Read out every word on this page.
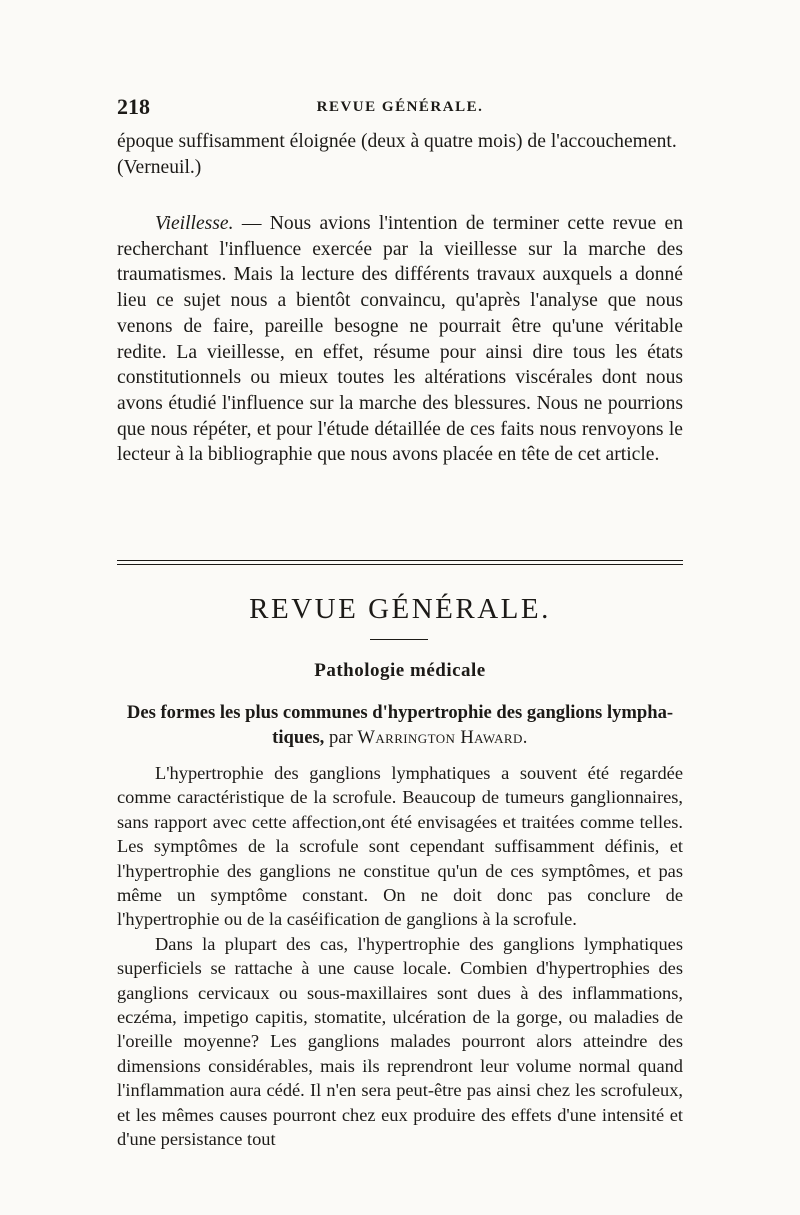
218	REVUE GÉNÉRALE.

époque suffisamment éloignée (deux à quatre mois) de l'accouchement. (Verneuil.)

Vieillesse. — Nous avions l'intention de terminer cette revue en recherchant l'influence exercée par la vieillesse sur la marche des traumatismes. Mais la lecture des différents travaux auxquels a donné lieu ce sujet nous a bientôt convaincu, qu'après l'analyse que nous venons de faire, pareille besogne ne pourrait être qu'une véritable redite. La vieillesse, en effet, résume pour ainsi dire tous les états constitutionnels ou mieux toutes les altérations viscérales dont nous avons étudié l'influence sur la marche des blessures. Nous ne pourrions que nous répéter, et pour l'étude détaillée de ces faits nous renvoyons le lecteur à la bibliographie que nous avons placée en tête de cet article.

REVUE GÉNÉRALE.
Pathologie médicale
Des formes les plus communes d'hypertrophie des ganglions lympha-
tiques, par Warrington Haward.

L'hypertrophie des ganglions lymphatiques a souvent été regardée comme caractéristique de la scrofule. Beaucoup de tumeurs ganglionnaires, sans rapport avec cette affection,ont été envisagées et traitées comme telles. Les symptômes de la scrofule sont cependant suffisamment définis, et l'hypertrophie des ganglions ne constitue qu'un de ces symptômes, et pas même un symptôme constant. On ne doit donc pas conclure de l'hypertrophie ou de la caséification de ganglions à la scrofule.

Dans la plupart des cas, l'hypertrophie des ganglions lymphatiques superficiels se rattache à une cause locale. Combien d'hypertrophies des ganglions cervicaux ou sous-maxillaires sont dues à des inflammations, eczéma, impetigo capitis, stomatite, ulcération de la gorge, ou maladies de l'oreille moyenne? Les ganglions malades pourront alors atteindre des dimensions considérables, mais ils reprendront leur volume normal quand l'inflammation aura cédé. Il n'en sera peut-être pas ainsi chez les scrofuleux, et les mêmes causes pourront chez eux produire des effets d'une intensité et d'une persistance tout
